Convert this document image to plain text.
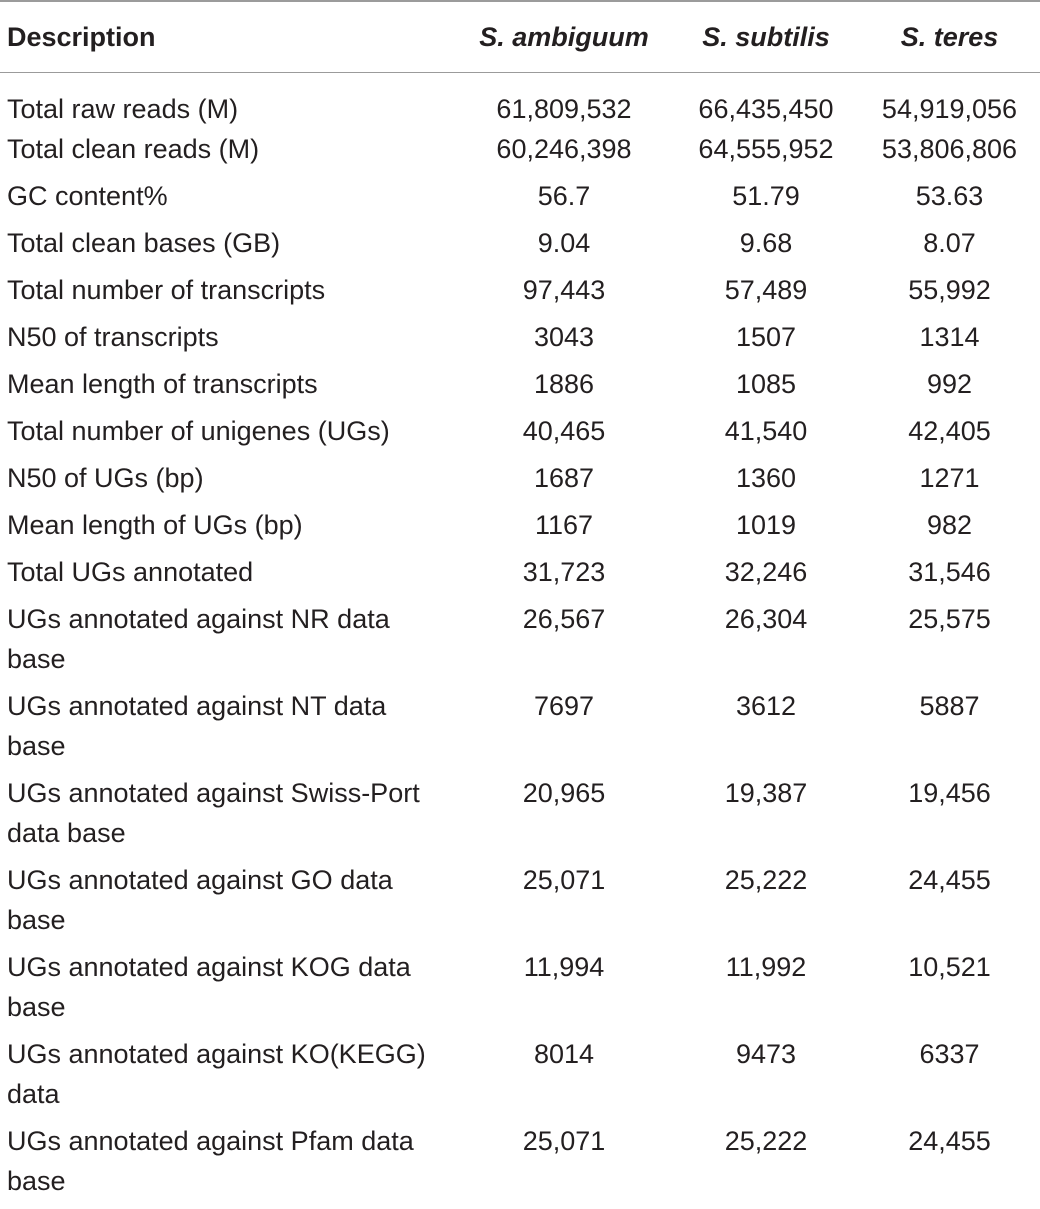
Description	S. ambiguum	S. subtilis	S. teres
Total raw reads (M)	61,809,532	66,435,450	54,919,056
Total clean reads (M)	60,246,398	64,555,952	53,806,806
GC content%	56.7	51.79	53.63
Total clean bases (GB)	9.04	9.68	8.07
Total number of transcripts	97,443	57,489	55,992
N50 of transcripts	3043	1507	1314
Mean length of transcripts	1886	1085	992
Total number of unigenes (UGs)	40,465	41,540	42,405
N50 of UGs (bp)	1687	1360	1271
Mean length of UGs (bp)	1167	1019	982
Total UGs annotated	31,723	32,246	31,546
UGs annotated against NR data base	26,567	26,304	25,575
UGs annotated against NT data base	7697	3612	5887
UGs annotated against Swiss-Port data base	20,965	19,387	19,456
UGs annotated against GO data base	25,071	25,222	24,455
UGs annotated against KOG data base	11,994	11,992	10,521
UGs annotated against KO(KEGG) data	8014	9473	6337
UGs annotated against Pfam data base	25,071	25,222	24,455
